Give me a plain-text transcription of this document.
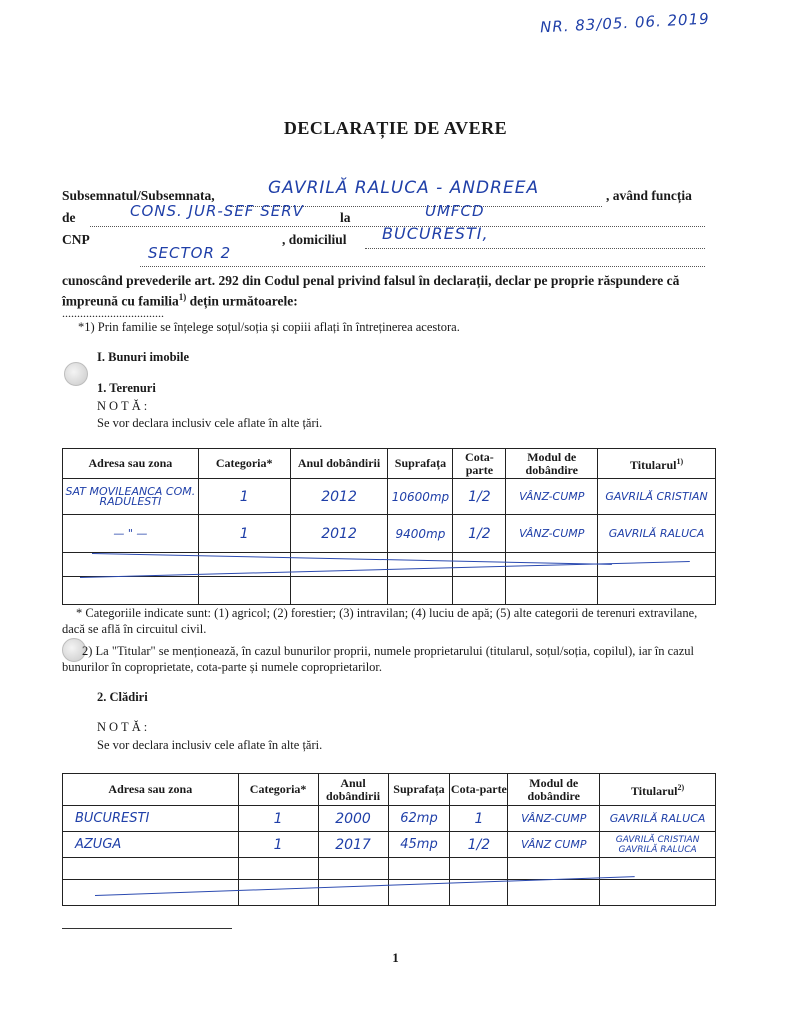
NR. 83/05. 06. 2019
DECLARAȚIE DE AVERE
Subsemnatul/Subsemnata,	GAVRILĂ RALUCA - ANDREEA	, având funcția
de	CONS. JUR-SEF SERV	la	UMFCD
CNP	, domiciliul BUCURESTI,
SECTOR 2
cunoscând prevederile art. 292 din Codul penal privind falsul în declarații, declar pe proprie răspundere că împreună cu familia$^{1)}$ dețin următoarele:
..................................
*1) Prin familie se înțelege soțul/soția și copiii aflați în întreținerea acestora.
I. Bunuri imobile
1. Terenuri
NOTĂ:
Se vor declara inclusiv cele aflate în alte țări.
Adresa sau zona	Categoria*	Anul dobândirii	Suprafața	Cota-parte	Modul de dobândire	Titularul$^{1)}$
SAT MOVILEANCA COM. RADULESTI	1	2012	10600mp	1/2	VÂNZ-CUMP	GAVRILĂ CRISTIAN
— " —	1	2012	9400mp	1/2	VÂNZ-CUMP	GAVRILĂ RALUCA

* Categoriile indicate sunt: (1) agricol; (2) forestier; (3) intravilan; (4) luciu de apă; (5) alte categorii de terenuri extravilane, dacă se află în circuitul civil.
2) La "Titular" se menționează, în cazul bunurilor proprii, numele proprietarului (titularul, soțul/soția, copilul), iar în cazul bunurilor în coproprietate, cota-parte și numele coproprietarilor.
2. Clădiri
NOTĂ:
Se vor declara inclusiv cele aflate în alte țări.
Adresa sau zona	Categoria*	Anul dobândirii	Suprafața	Cota-parte	Modul de dobândire	Titularul$^{2)}$
BUCURESTI	1	2000	62mp	1	VÂNZ-CUMP	GAVRILĂ RALUCA
AZUGA	1	2017	45mp	1/2	VÂNZ CUMP	GAVRILĂ CRISTIAN GAVRILĂ RALUCA

1
